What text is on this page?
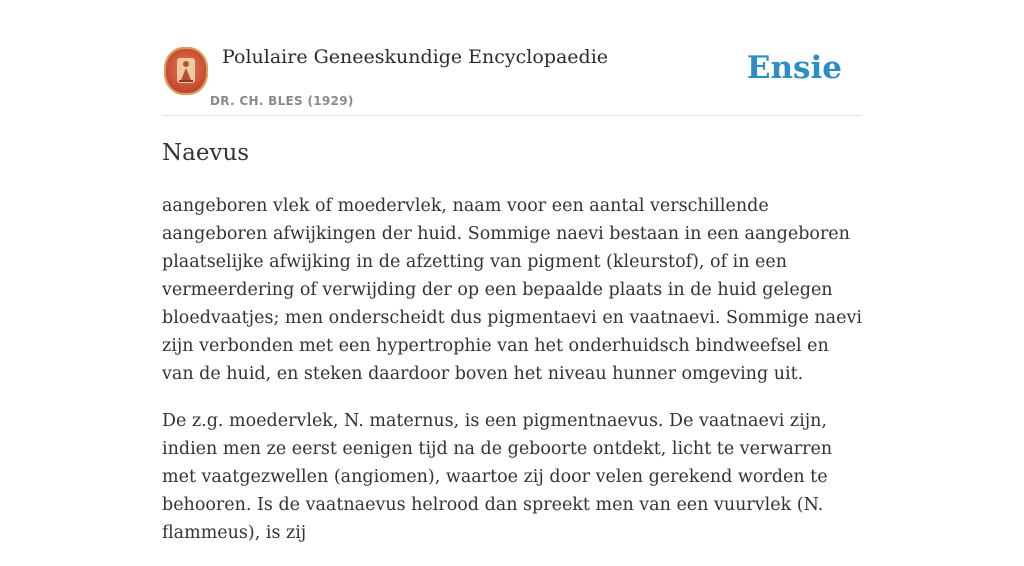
Polulaire Geneeskundige Encyclopaedie
DR. CH. BLES (1929)
Ensie
Naevus

aangeboren vlek of moedervlek, naam voor een aantal verschillende aangeboren afwijkingen der huid. Sommige naevi bestaan in een aangeboren plaatselijke afwijking in de afzetting van pigment (kleurstof), of in een vermeerdering of verwijding der op een bepaalde plaats in de huid gelegen bloedvaatjes; men onderscheidt dus pigmentaevi en vaatnaevi. Sommige naevi zijn verbonden met een hypertrophie van het onderhuidsch bindweefsel en van de huid, en steken daardoor boven het niveau hunner omgeving uit.

De z.g. moedervlek, N. maternus, is een pigmentnaevus. De vaatnaevi zijn, indien men ze eerst eenigen tijd na de geboorte ontdekt, licht te verwarren met vaatgezwellen (angiomen), waartoe zij door velen gerekend worden te behooren. Is de vaatnaevus helrood dan spreekt men van een vuurvlek (N. flammeus), is zij
